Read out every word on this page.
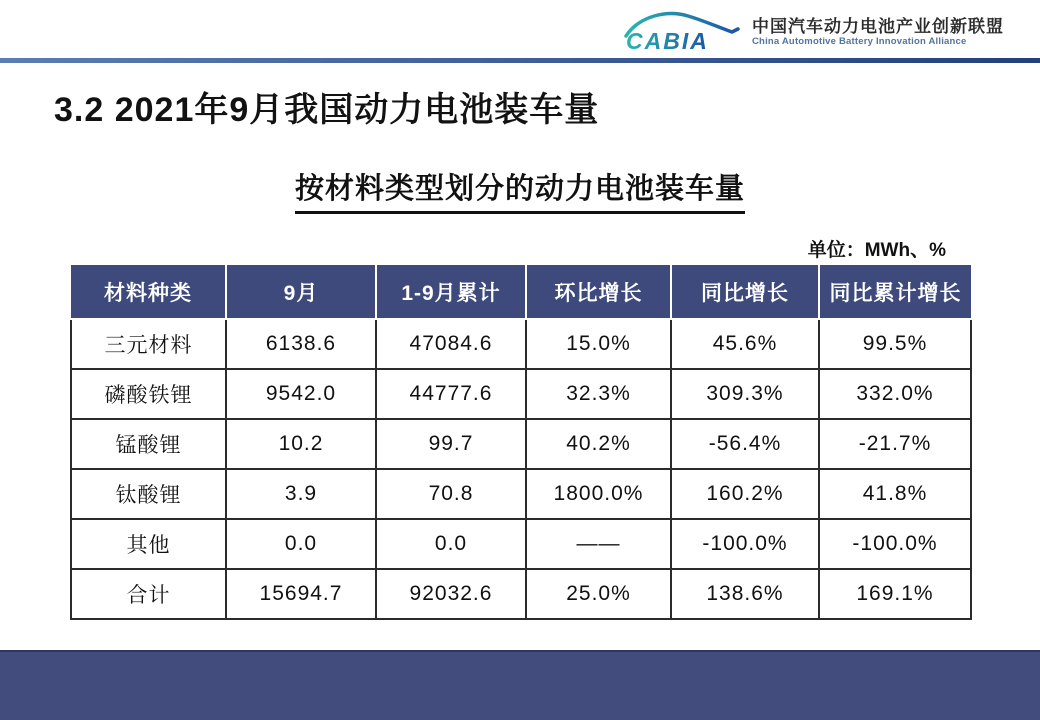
CABIA
中国汽车动力电池产业创新联盟
China Automotive Battery Innovation Alliance
3.2 2021年9月我国动力电池装车量
按材料类型划分的动力电池装车量
单位：MWh、%
材料种类	9月	1-9月累计	环比增长	同比增长	同比累计增长
三元材料	6138.6	47084.6	15.0%	45.6%	99.5%
磷酸铁锂	9542.0	44777.6	32.3%	309.3%	332.0%
锰酸锂	10.2	99.7	40.2%	-56.4%	-21.7%
钛酸锂	3.9	70.8	1800.0%	160.2%	41.8%
其他	0.0	0.0	——	-100.0%	-100.0%
合计	15694.7	92032.6	25.0%	138.6%	169.1%
